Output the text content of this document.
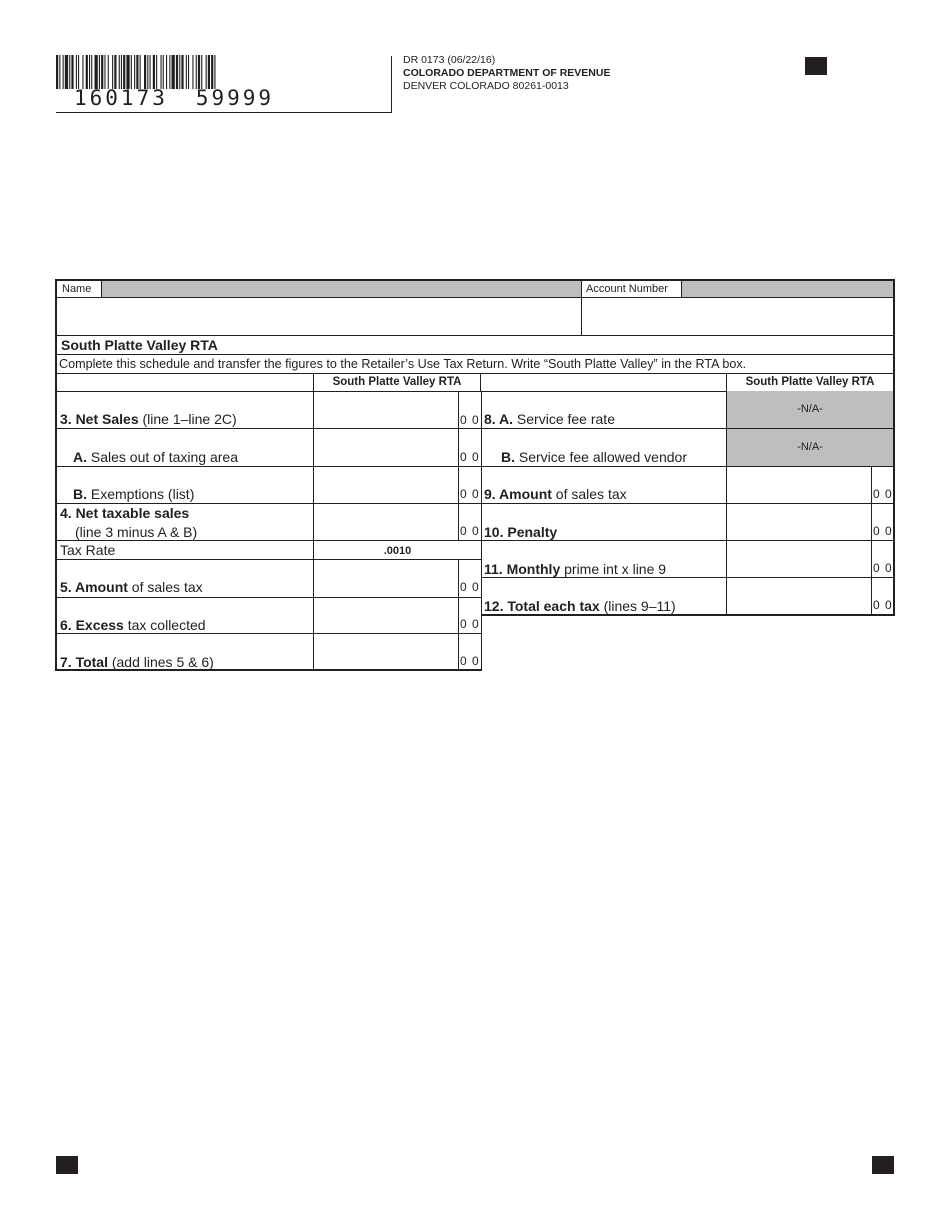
160173 59999
DR 0173 (06/22/16)
COLORADO DEPARTMENT OF REVENUE
DENVER COLORADO 80261-0013
Name	Account Number
South Platte Valley RTA
Complete this schedule and transfer the figures to the Retailer’s Use Tax Return. Write “South Platte Valley” in the RTA box.
South Platte Valley RTA	South Platte Valley RTA
3. Net Sales (line 1–line 2C)	0 0
A. Sales out of taxing area	0 0
B. Exemptions (list)	0 0
4. Net taxable sales
(line 3 minus A & B)	0 0
Tax Rate	.0010
5. Amount of sales tax	0 0
6. Excess tax collected	0 0
7. Total (add lines 5 & 6)	0 0
8. A. Service fee rate
-N/A-
B. Service fee allowed vendor
-N/A-
9. Amount of sales tax	0 0
10. Penalty	0 0
11. Monthly prime int x line 9	0 0
12. Total each tax (lines 9–11)	0 0
